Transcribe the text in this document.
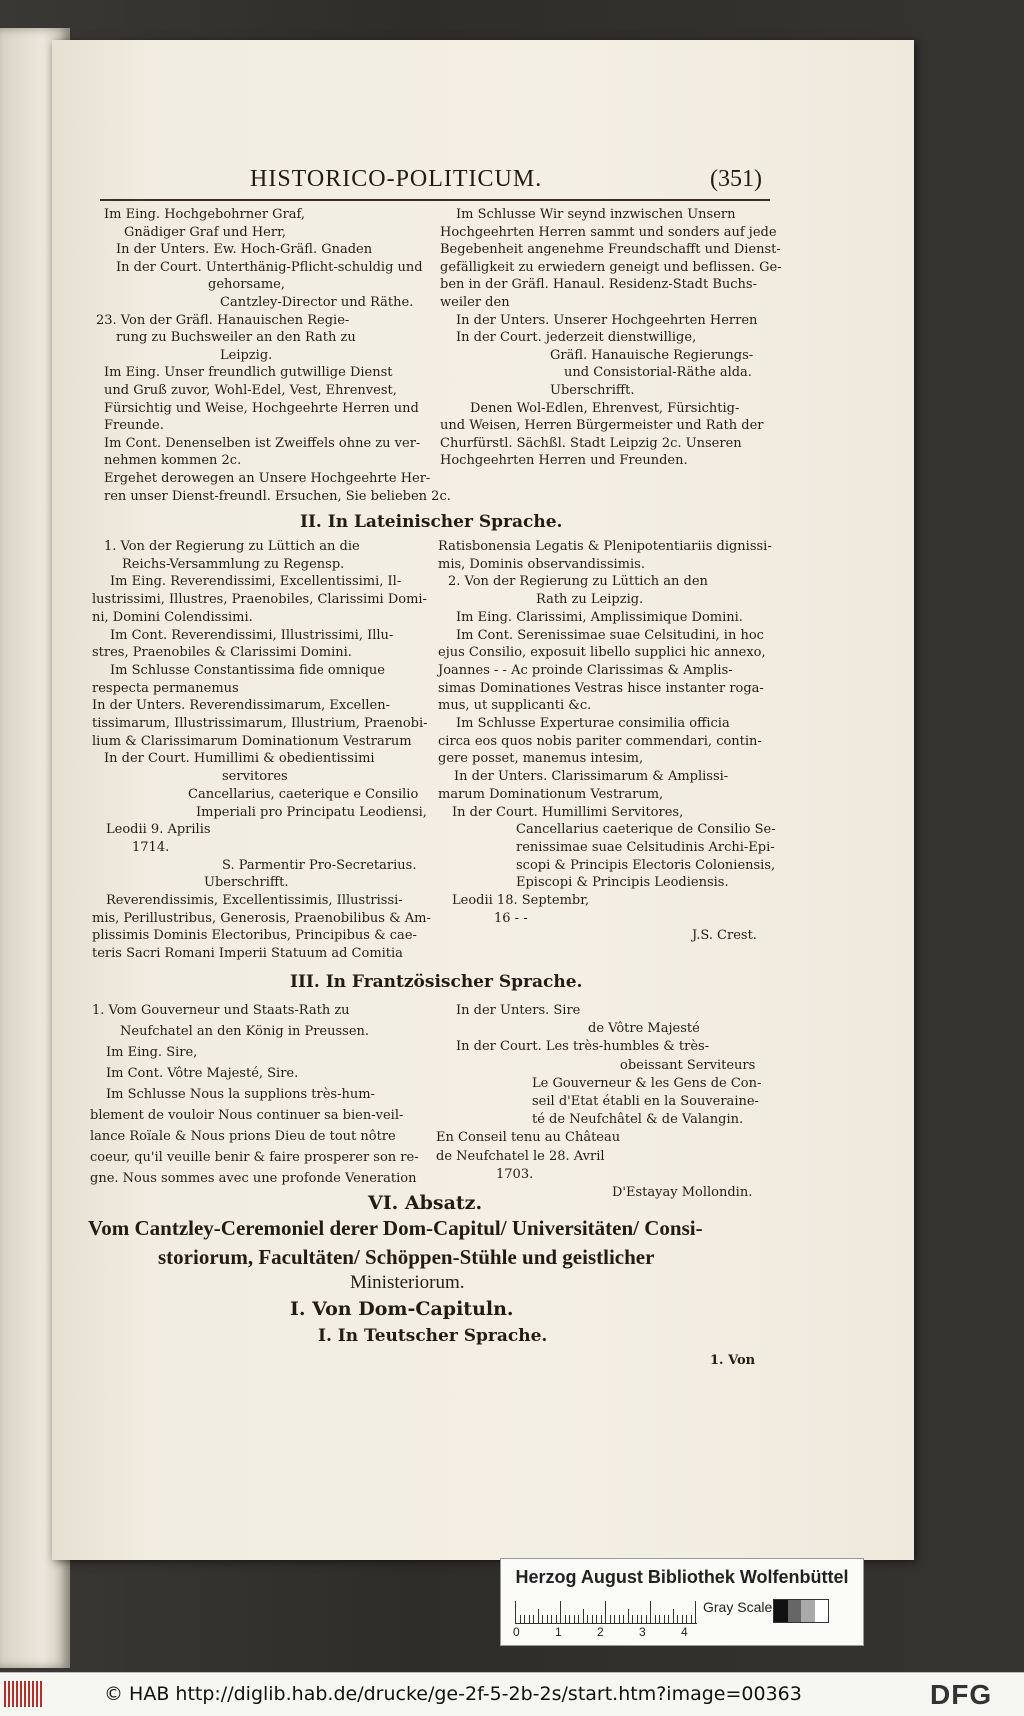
HISTORICO-POLITICUM.	(351)
Im Eing. Hochgebohrner Graf,
Gnädiger Graf und Herr,
In der Unters. Ew. Hoch-Gräfl. Gnaden
In der Court. Unterthänig-Pflicht-schuldig und
gehorsame,
Cantzley-Director und Räthe.
23. Von der Gräfl. Hanauischen Regie-
rung zu Buchsweiler an den Rath zu
Leipzig.
Im Eing. Unser freundlich gutwillige Dienst
und Gruß zuvor, Wohl-Edel, Vest, Ehrenvest,
Fürsichtig und Weise, Hochgeehrte Herren und
Freunde.
Im Cont. Denenselben ist Zweiffels ohne zu ver-
nehmen kommen 2c.
Ergehet derowegen an Unsere Hochgeehrte Her-
ren unser Dienst-freundl. Ersuchen, Sie belieben 2c.
Im Schlusse Wir seynd inzwischen Unsern
Hochgeehrten Herren sammt und sonders auf jede
Begebenheit angenehme Freundschafft und Dienst-
gefälligkeit zu erwiedern geneigt und beflissen. Ge-
ben in der Gräfl. Hanaul. Residenz-Stadt Buchs-
weiler den
In der Unters. Unserer Hochgeehrten Herren
In der Court. jederzeit dienstwillige,
Gräfl. Hanauische Regierungs-
und Consistorial-Räthe alda.
Uberschrifft.
Denen Wol-Edlen, Ehrenvest, Fürsichtig-
und Weisen, Herren Bürgermeister und Rath der
Churfürstl. Sächßl. Stadt Leipzig 2c. Unseren
Hochgeehrten Herren und Freunden.
II. In Lateinischer Sprache.
1. Von der Regierung zu Lüttich an die
Reichs-Versammlung zu Regensp.
Im Eing. Reverendissimi, Excellentissimi, Il-
lustrissimi, Illustres, Praenobiles, Clarissimi Domi-
ni, Domini Colendissimi.
Im Cont. Reverendissimi, Illustrissimi, Illu-
stres, Praenobiles & Clarissimi Domini.
Im Schlusse Constantissima fide omnique
respecta permanemus
In der Unters. Reverendissimarum, Excellen-
tissimarum, Illustrissimarum, Illustrium, Praenobi-
lium & Clarissimarum Dominationum Vestrarum
In der Court. Humillimi & obedientissimi
servitores
Cancellarius, caeterique e Consilio
Imperiali pro Principatu Leodiensi,
Leodii 9. Aprilis
1714.
S. Parmentir Pro-Secretarius.
Uberschrifft.
Reverendissimis, Excellentissimis, Illustrissi-
mis, Perillustribus, Generosis, Praenobilibus & Am-
plissimis Dominis Electoribus, Principibus & cae-
teris Sacri Romani Imperii Statuum ad Comitia
Ratisbonensia Legatis & Plenipotentiariis dignissi-
mis, Dominis observandissimis.
2. Von der Regierung zu Lüttich an den
Rath zu Leipzig.
Im Eing. Clarissimi, Amplissimique Domini.
Im Cont. Serenissimae suae Celsitudini, in hoc
ejus Consilio, exposuit libello supplici hic annexo,
Joannes - - Ac proinde Clarissimas & Amplis-
simas Dominationes Vestras hisce instanter roga-
mus, ut supplicanti &c.
Im Schlusse Experturae consimilia officia
circa eos quos nobis pariter commendari, contin-
gere posset, manemus intesim,
In der Unters. Clarissimarum & Amplissi-
marum Dominationum Vestrarum,
In der Court. Humillimi Servitores,
Cancellarius caeterique de Consilio Se-
renissimae suae Celsitudinis Archi-Epi-
scopi & Principis Electoris Coloniensis,
Episcopi & Principis Leodiensis.
Leodii 18. Septembr,
16 - -
J.S. Crest.
III. In Frantzösischer Sprache.
1. Vom Gouverneur und Staats-Rath zu
Neufchatel an den König in Preussen.
Im Eing. Sire,
Im Cont. Vôtre Majesté, Sire.
Im Schlusse Nous la supplions très-hum-
blement de vouloir Nous continuer sa bien-veil-
lance Roïale & Nous prions Dieu de tout nôtre
coeur, qu'il veuille benir & faire prosperer son re-
gne. Nous sommes avec une profonde Veneration
In der Unters. Sire
de Vôtre Majesté
In der Court. Les très-humbles & très-
obeissant Serviteurs
Le Gouverneur & les Gens de Con-
seil d'Etat établi en la Souveraine-
té de Neufchâtel & de Valangin.
En Conseil tenu au Château
de Neufchatel le 28. Avril
1703.
D'Estayay Mollondin.
VI. Absatz.
Vom Cantzley-Ceremoniel derer Dom-Capitul/ Universitäten/ Consi-
storiorum, Facultäten/ Schöppen-Stühle und geistlicher
Ministeriorum.
I. Von Dom-Capituln.
I. In Teutscher Sprache.
1. Von
Herzog August Bibliothek Wolfenbüttel
0	1	2	3	4
Gray Scale
© HAB http://diglib.hab.de/drucke/ge-2f-5-2b-2s/start.htm?image=00363	DFG
